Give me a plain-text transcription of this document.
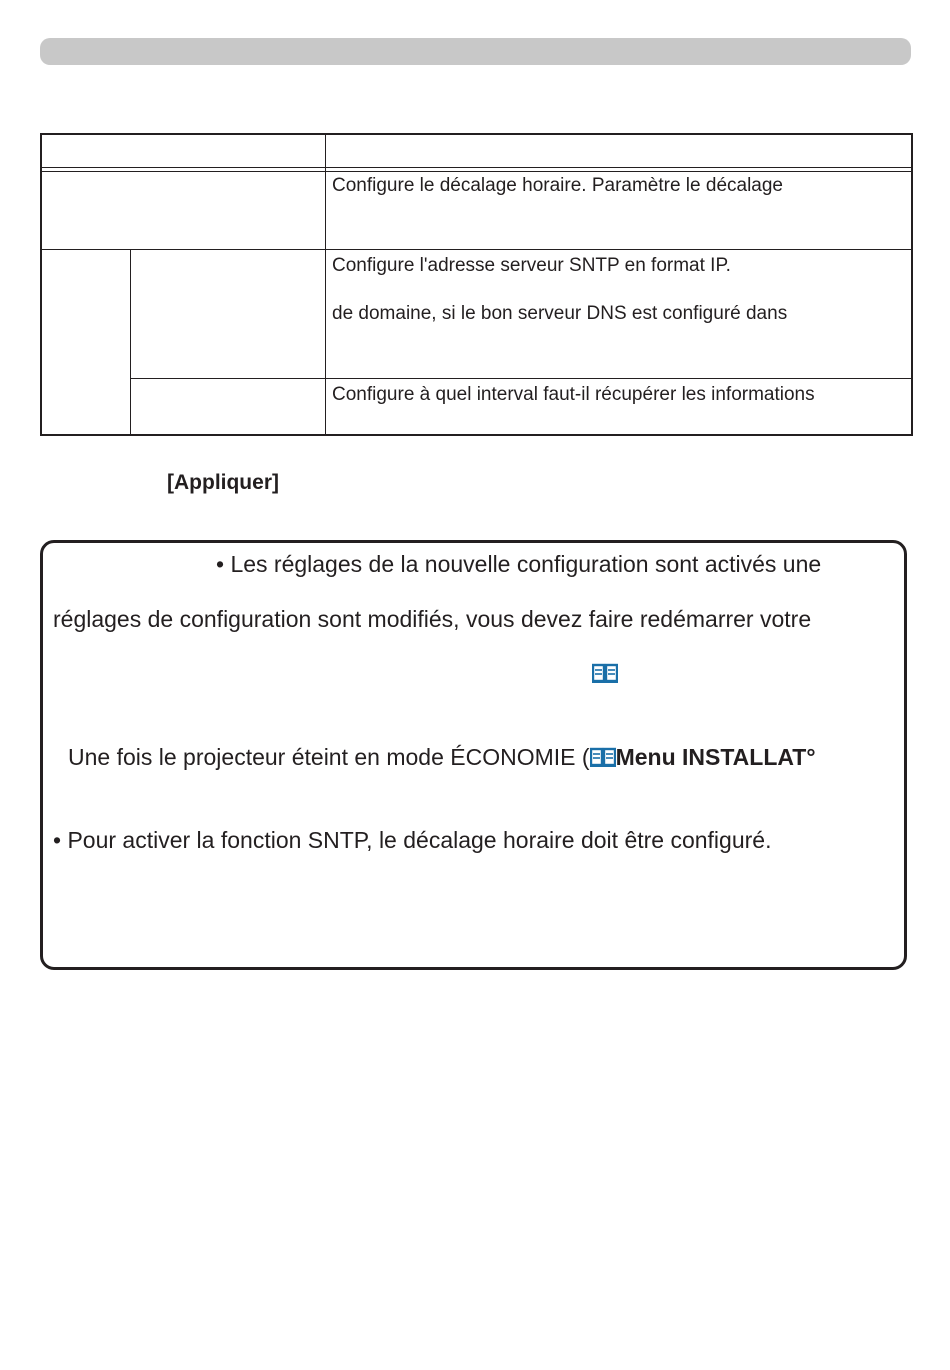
Configure le décalage horaire. Paramètre le décalage
Configure l'adresse serveur SNTP en format IP.
de domaine, si le bon serveur DNS est configuré dans
Configure à quel interval faut-il récupérer les informations
[Appliquer]
• Les réglages de la nouvelle configuration sont activés une
réglages de configuration sont modifiés, vous devez faire redémarrer votre
Une fois le projecteur éteint en mode ÉCONOMIE ( Menu INSTALLAT°
• Pour activer la fonction SNTP, le décalage horaire doit être configuré.
